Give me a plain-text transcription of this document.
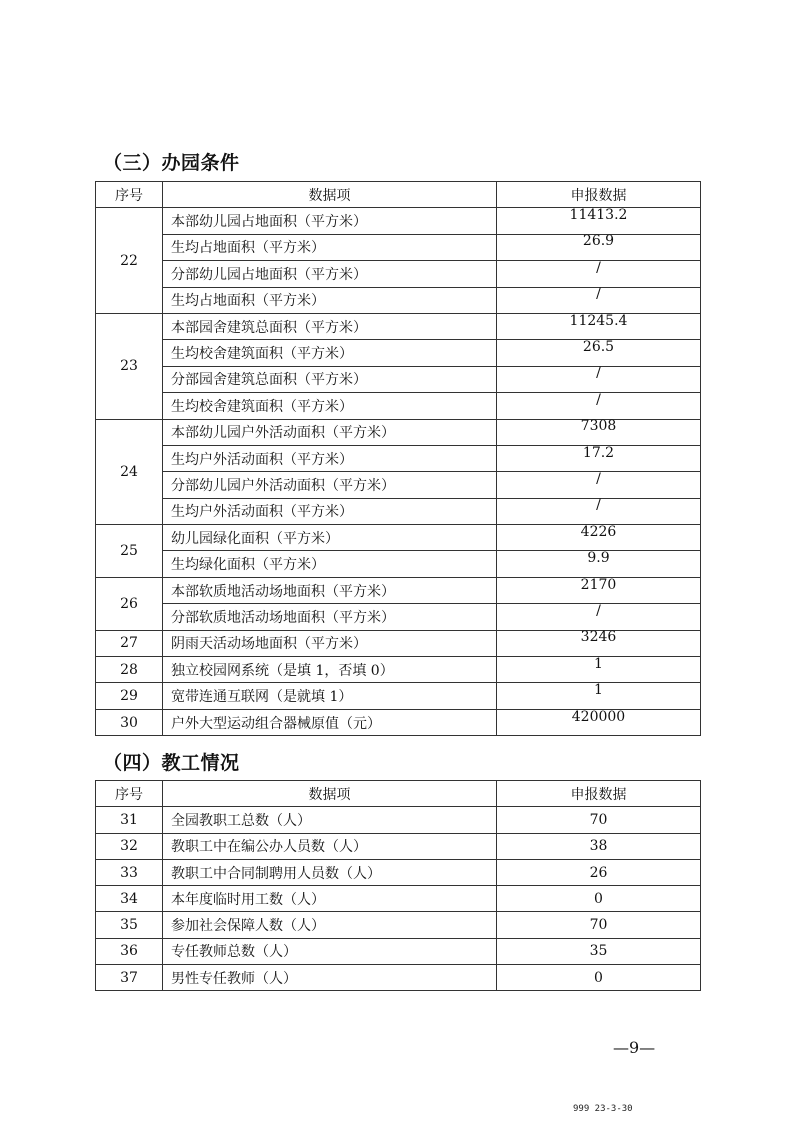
（三）办园条件
序号	数据项	申报数据
22	本部幼儿园占地面积（平方米）	11413.2
	生均占地面积（平方米）	26.9
	分部幼儿园占地面积（平方米）	/
	生均占地面积（平方米）	/
23	本部园舍建筑总面积（平方米）	11245.4
	生均校舍建筑面积（平方米）	26.5
	分部园舍建筑总面积（平方米）	/
	生均校舍建筑面积（平方米）	/
24	本部幼儿园户外活动面积（平方米）	7308
	生均户外活动面积（平方米）	17.2
	分部幼儿园户外活动面积（平方米）	/
	生均户外活动面积（平方米）	/
25	幼儿园绿化面积（平方米）	4226
	生均绿化面积（平方米）	9.9
26	本部软质地活动场地面积（平方米）	2170
	分部软质地活动场地面积（平方米）	/
27	阴雨天活动场地面积（平方米）	3246
28	独立校园网系统（是填 1，否填 0）	1
29	宽带连通互联网（是就填 1）	1
30	户外大型运动组合器械原值（元）	420000
（四）教工情况
序号	数据项	申报数据
31	全园教职工总数（人）	70
32	教职工中在编公办人员数（人）	38
33	教职工中合同制聘用人员数（人）	26
34	本年度临时用工数（人）	0
35	参加社会保障人数（人）	70
36	专任教师总数（人）	35
37	男性专任教师（人）	0
—9—
999 23-3-30
